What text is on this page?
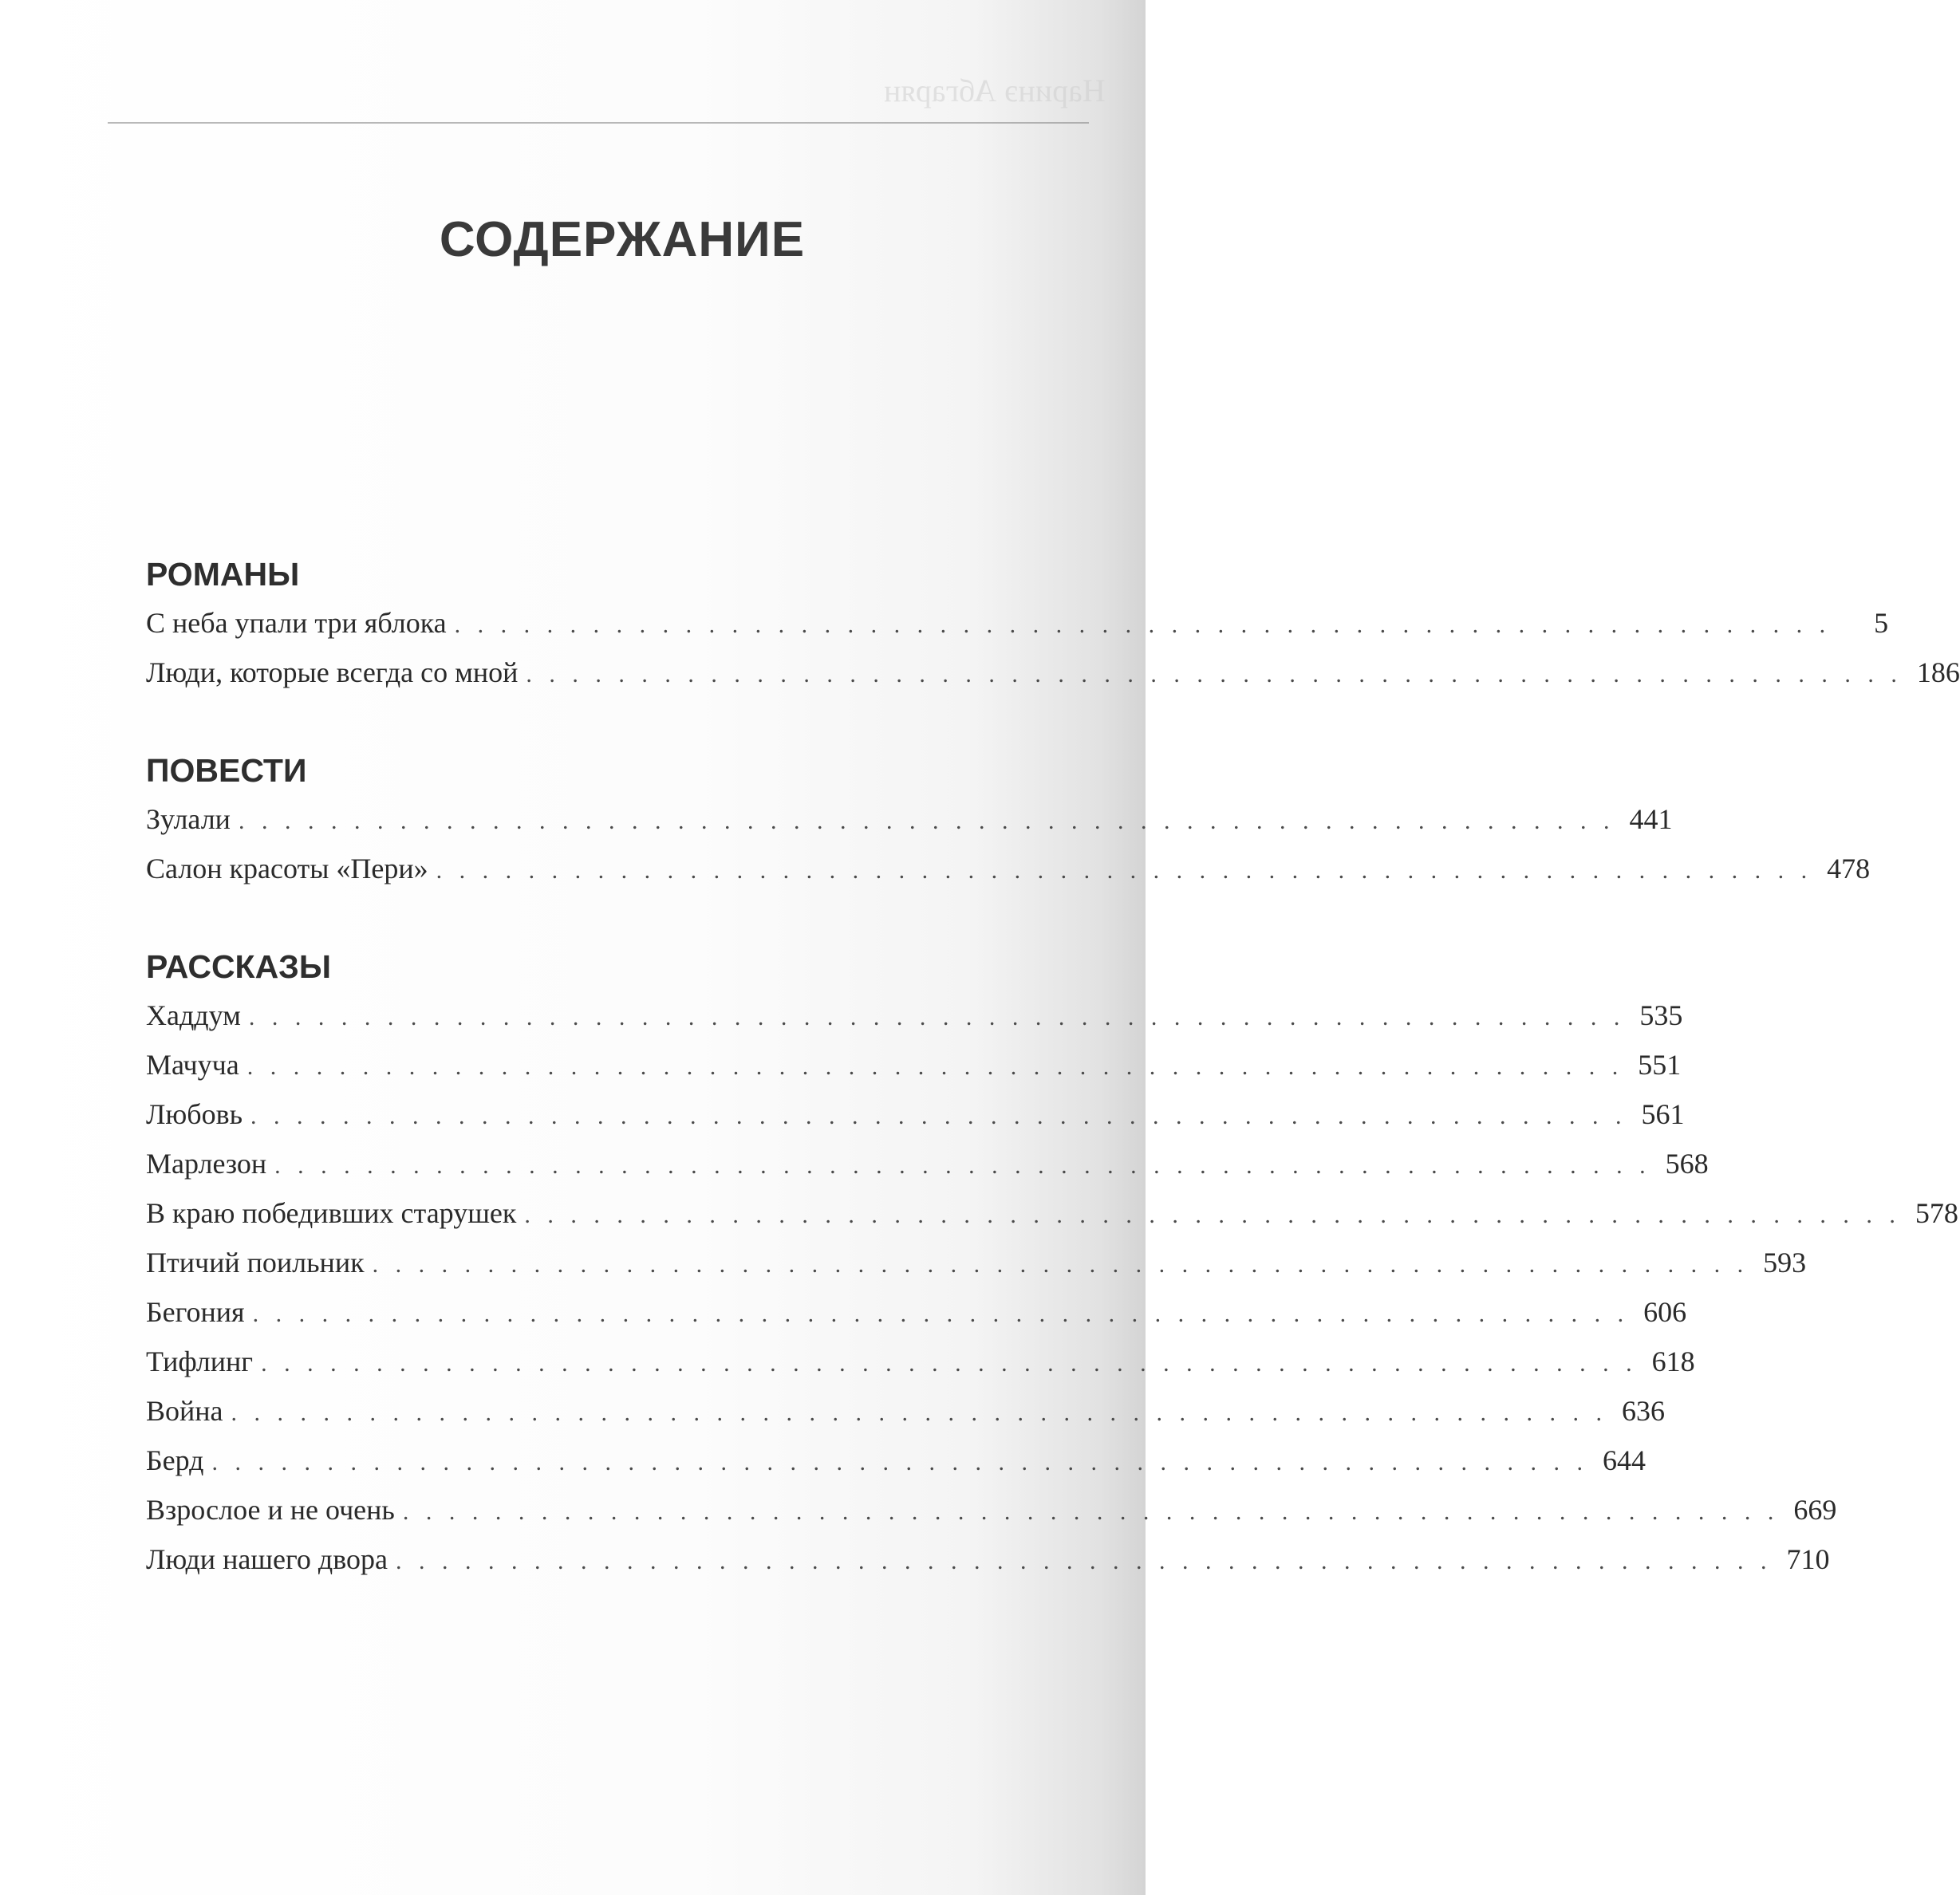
Наринэ Абгарян
СОДЕРЖАНИЕ
РОМАНЫ
С неба упали три яблока . . . . . . . . . . . . . . . . . . . . . . . . . . . . . . . . . . . . . . . . . . . . . . . . . . . . . . . . . . . .	5
Люди, которые всегда со мной . . . . . . . . . . . . . . . . . . . . . . . . . . . . . . . . . . . . . . . . . . . . . . . . . . . . . . . . . . . . 186
ПОВЕСТИ
Зулали . . . . . . . . . . . . . . . . . . . . . . . . . . . . . . . . . . . . . . . . . . . . . . . . . . . . . . . . . . . . 441
Салон красоты «Пери» . . . . . . . . . . . . . . . . . . . . . . . . . . . . . . . . . . . . . . . . . . . . . . . . . . . . . . . . . . . . 478
РАССКАЗЫ
Хаддум . . . . . . . . . . . . . . . . . . . . . . . . . . . . . . . . . . . . . . . . . . . . . . . . . . . . . . . . . . . . 535
Мачуча . . . . . . . . . . . . . . . . . . . . . . . . . . . . . . . . . . . . . . . . . . . . . . . . . . . . . . . . . . . . 551
Любовь . . . . . . . . . . . . . . . . . . . . . . . . . . . . . . . . . . . . . . . . . . . . . . . . . . . . . . . . . . . . 561
Марлезон . . . . . . . . . . . . . . . . . . . . . . . . . . . . . . . . . . . . . . . . . . . . . . . . . . . . . . . . . . . . 568
В краю победивших старушек . . . . . . . . . . . . . . . . . . . . . . . . . . . . . . . . . . . . . . . . . . . . . . . . . . . . . . . . . . . . 578
Птичий поильник . . . . . . . . . . . . . . . . . . . . . . . . . . . . . . . . . . . . . . . . . . . . . . . . . . . . . . . . . . . . 593
Бегония . . . . . . . . . . . . . . . . . . . . . . . . . . . . . . . . . . . . . . . . . . . . . . . . . . . . . . . . . . . . 606
Тифлинг . . . . . . . . . . . . . . . . . . . . . . . . . . . . . . . . . . . . . . . . . . . . . . . . . . . . . . . . . . . . 618
Война . . . . . . . . . . . . . . . . . . . . . . . . . . . . . . . . . . . . . . . . . . . . . . . . . . . . . . . . . . . . 636
Берд . . . . . . . . . . . . . . . . . . . . . . . . . . . . . . . . . . . . . . . . . . . . . . . . . . . . . . . . . . . . 644
Взрослое и не очень . . . . . . . . . . . . . . . . . . . . . . . . . . . . . . . . . . . . . . . . . . . . . . . . . . . . . . . . . . . . 669
Люди нашего двора . . . . . . . . . . . . . . . . . . . . . . . . . . . . . . . . . . . . . . . . . . . . . . . . . . . . . . . . . . . . 710
